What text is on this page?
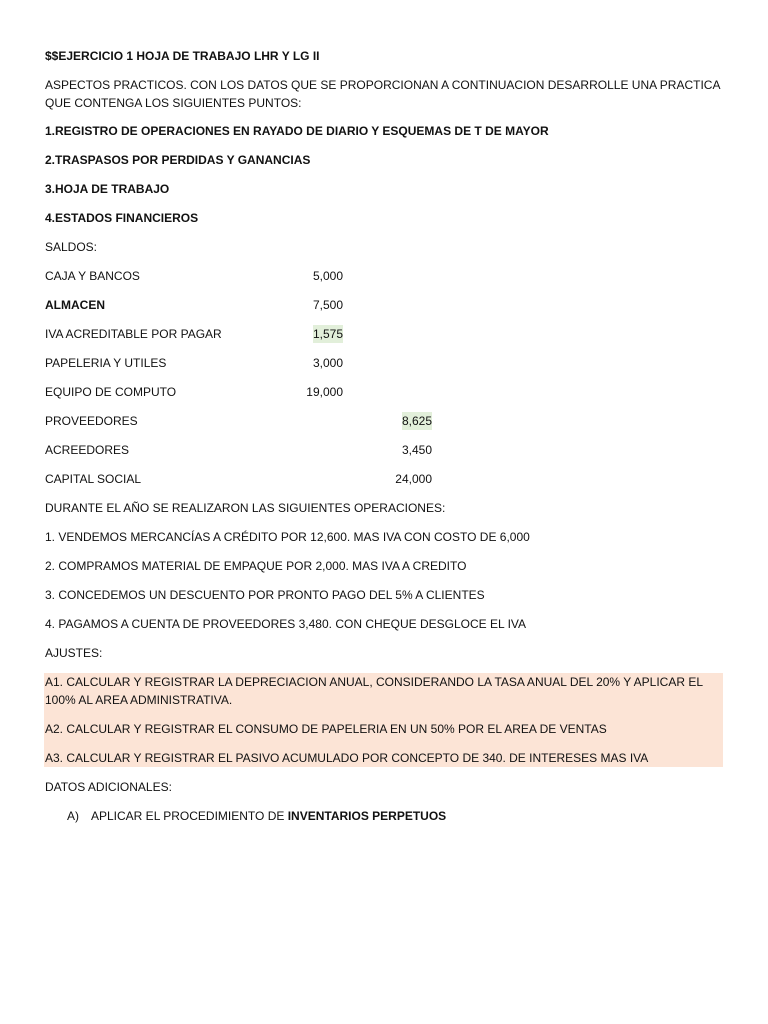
$$EJERCICIO 1 HOJA DE TRABAJO LHR Y LG II
ASPECTOS PRACTICOS. CON LOS DATOS QUE SE PROPORCIONAN A CONTINUACION DESARROLLE UNA PRACTICA QUE CONTENGA LOS SIGUIENTES PUNTOS:
1.REGISTRO DE OPERACIONES EN RAYADO DE DIARIO Y ESQUEMAS DE T DE MAYOR
2.TRASPASOS POR PERDIDAS Y GANANCIAS
3.HOJA DE TRABAJO
4.ESTADOS FINANCIEROS
SALDOS:
CAJA Y BANCOS	5,000
ALMACEN	7,500
IVA ACREDITABLE POR PAGAR	1,575
PAPELERIA Y UTILES	3,000
EQUIPO DE COMPUTO	19,000
PROVEEDORES	8,625
ACREEDORES	3,450
CAPITAL SOCIAL	24,000
DURANTE EL AÑO SE REALIZARON LAS SIGUIENTES OPERACIONES:
1. VENDEMOS MERCANCÍAS A CRÉDITO POR 12,600. MAS IVA CON COSTO DE 6,000
2. COMPRAMOS MATERIAL DE EMPAQUE POR 2,000. MAS IVA A CREDITO
3. CONCEDEMOS UN DESCUENTO POR PRONTO PAGO DEL 5% A CLIENTES
4. PAGAMOS A CUENTA DE PROVEEDORES 3,480. CON CHEQUE DESGLOCE EL IVA
AJUSTES:
A1. CALCULAR Y REGISTRAR LA DEPRECIACION ANUAL, CONSIDERANDO LA TASA ANUAL DEL 20% Y APLICAR EL 100% AL AREA ADMINISTRATIVA.
A2. CALCULAR Y REGISTRAR EL CONSUMO DE PAPELERIA EN UN 50% POR EL AREA DE VENTAS
A3. CALCULAR Y REGISTRAR EL PASIVO ACUMULADO POR CONCEPTO DE 340. DE INTERESES MAS IVA
DATOS ADICIONALES:
A) APLICAR EL PROCEDIMIENTO DE INVENTARIOS PERPETUOS
